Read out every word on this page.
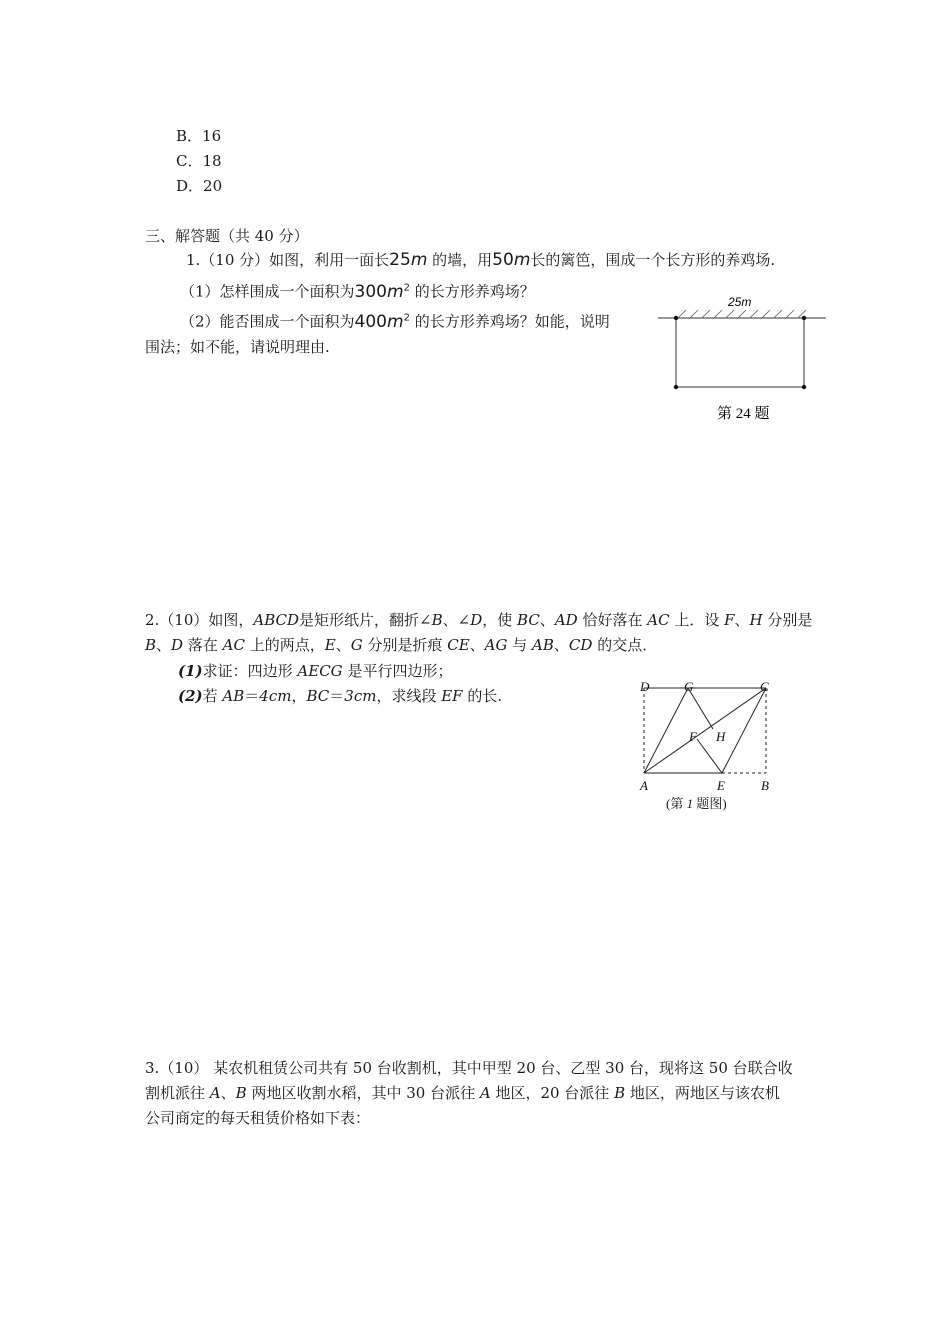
B．16
C．18
D．20
三、解答题（共 40 分）
1.（10 分）如图，利用一面长25m 的墙，用50m长的篱笆，围成一个长方形的养鸡场.
（1）怎样围成一个面积为$300m^2$ 的长方形养鸡场？
（2）能否围成一个面积为$400m^2$ 的长方形养鸡场？如能，说明
围法；如不能，请说明理由.
25m
第 24 题
2.（10）如图，ABCD是矩形纸片，翻折∠B、∠D，使 BC、AD 恰好落在 AC 上．设 F、H 分别是
B、D 落在 AC 上的两点，E、G 分别是折痕 CE、AG 与 AB、CD 的交点．
(1)求证：四边形 AECG 是平行四边形；
(2)若 AB＝4cm，BC＝3cm，求线段 EF 的长.
D	G	C
F H
A	E	B
(第 1 题图)
3.（10） 某农机租赁公司共有 50 台收割机，其中甲型 20 台、乙型 30 台，现将这 50 台联合收
割机派往 A、B 两地区收割水稻，其中 30 台派往 A 地区，20 台派往 B 地区，两地区与该农机
公司商定的每天租赁价格如下表：
